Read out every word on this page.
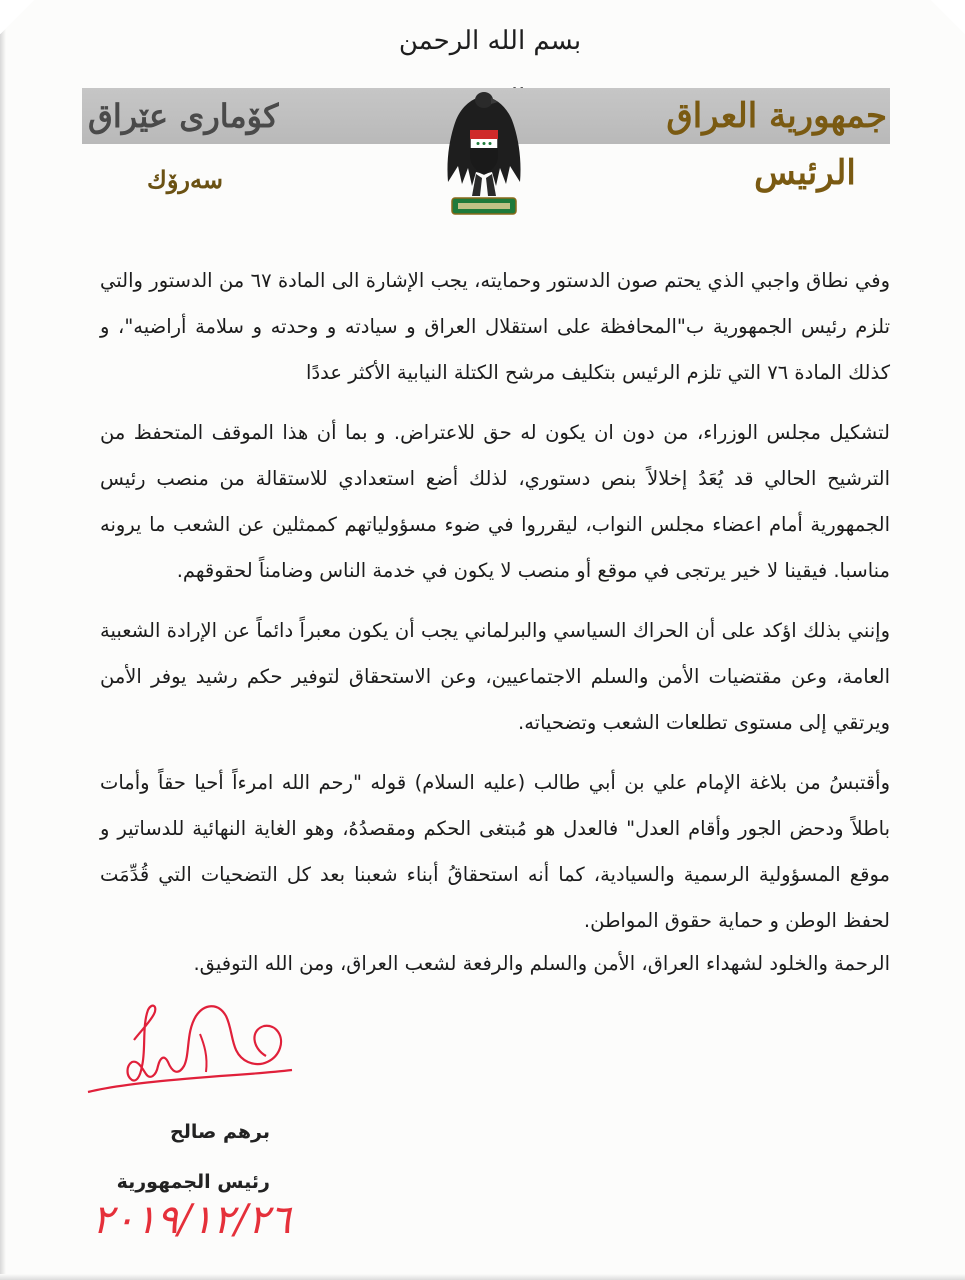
بسم الله الرحمن
جمهورية العراق
كۆمارى عێراق
الرئيس
سەرۆك

وفي نطاق واجبي الذي يحتم صون الدستور وحمايته، يجب الإشارة الى المادة ٦٧ من الدستور والتي تلزم رئيس الجمهورية ب"المحافظة على استقلال العراق و سيادته و وحدته و سلامة أراضيه"، و كذلك المادة ٧٦ التي تلزم الرئيس بتكليف مرشح الكتلة النيابية الأكثر عددًا

لتشكيل مجلس الوزراء، من دون ان يكون له حق للاعتراض. و بما أن هذا الموقف المتحفظ من الترشيح الحالي قد يُعَدُ إخلالاً بنص دستوري، لذلك أضع استعدادي للاستقالة من منصب رئيس الجمهورية أمام اعضاء مجلس النواب، ليقرروا في ضوء مسؤولياتهم كممثلين عن الشعب ما يرونه مناسبا. فيقينا لا خير يرتجى في موقع أو منصب لا يكون في خدمة الناس وضامناً لحقوقهم.

وإنني بذلك اؤكد على أن الحراك السياسي والبرلماني يجب أن يكون معبراً دائماً عن الإرادة الشعبية العامة، وعن مقتضيات الأمن والسلم الاجتماعيين، وعن الاستحقاق لتوفير حكم رشيد يوفر الأمن ويرتقي إلى مستوى تطلعات الشعب وتضحياته.

وأقتبسُ من بلاغة الإمام علي بن أبي طالب (عليه السلام) قوله "رحم الله امرءاً أحيا حقاً وأمات باطلاً ودحض الجور وأقام العدل" فالعدل هو مُبتغى الحكم ومقصدُهُ، وهو الغاية النهائية للدساتير و موقع المسؤولية الرسمية والسيادية، كما أنه استحقاقُ أبناء شعبنا بعد كل التضحيات التي قُدِّمَت لحفظ الوطن و حماية حقوق المواطن.

الرحمة والخلود لشهداء العراق، الأمن والسلم والرفعة لشعب العراق، ومن الله التوفيق.
برهم صالح
رئيس الجمهورية
٢٠١٩/١٢/٢٦
